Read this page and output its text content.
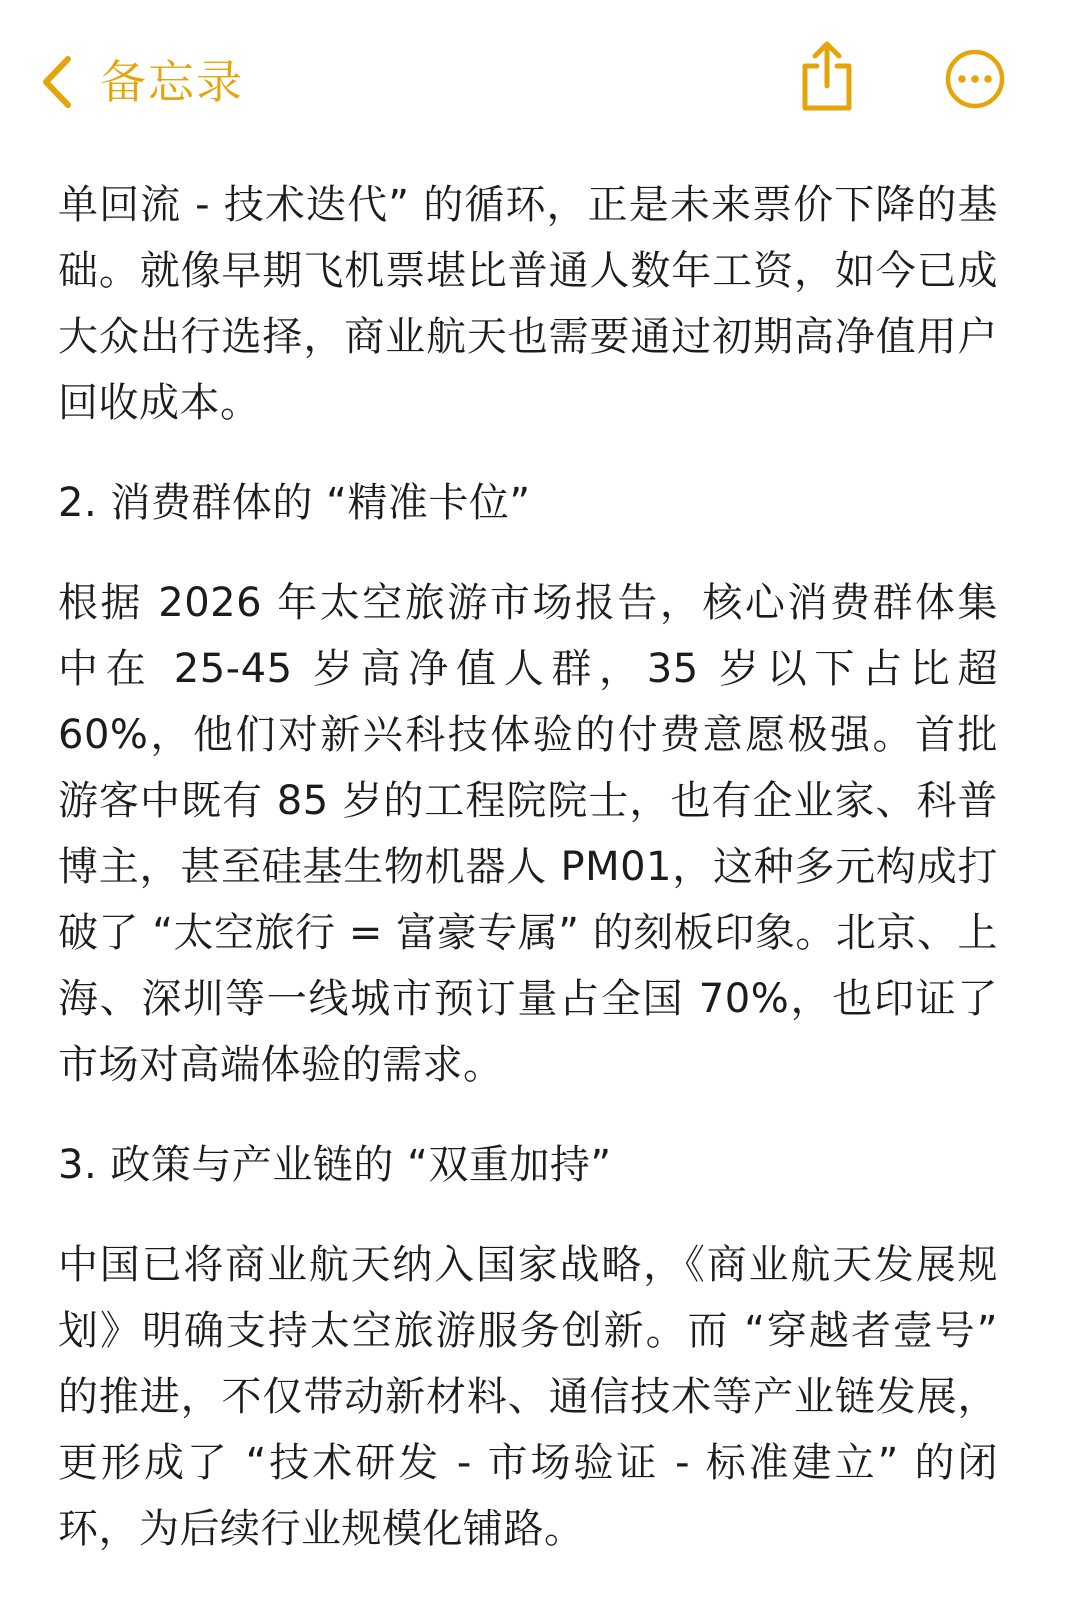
备忘录

单回流 - 技术迭代” 的循环，正是未来票价下降的基础。就像早期飞机票堪比普通人数年工资，如今已成大众出行选择，商业航天也需要通过初期高净值用户回收成本。

2. 消费群体的 “精准卡位”

根据 2026 年太空旅游市场报告，核心消费群体集中在 25-45 岁高净值人群，35 岁以下占比超 60%，他们对新兴科技体验的付费意愿极强。首批游客中既有 85 岁的工程院院士，也有企业家、科普博主，甚至硅基生物机器人 PM01，这种多元构成打破了 “太空旅行 = 富豪专属” 的刻板印象。北京、上海、深圳等一线城市预订量占全国 70%，也印证了市场对高端体验的需求。

3. 政策与产业链的 “双重加持”

中国已将商业航天纳入国家战略，《商业航天发展规划》明确支持太空旅游服务创新。而 “穿越者壹号” 的推进，不仅带动新材料、通信技术等产业链发展，更形成了 “技术研发 - 市场验证 - 标准建立” 的闭环，为后续行业规模化铺路。
